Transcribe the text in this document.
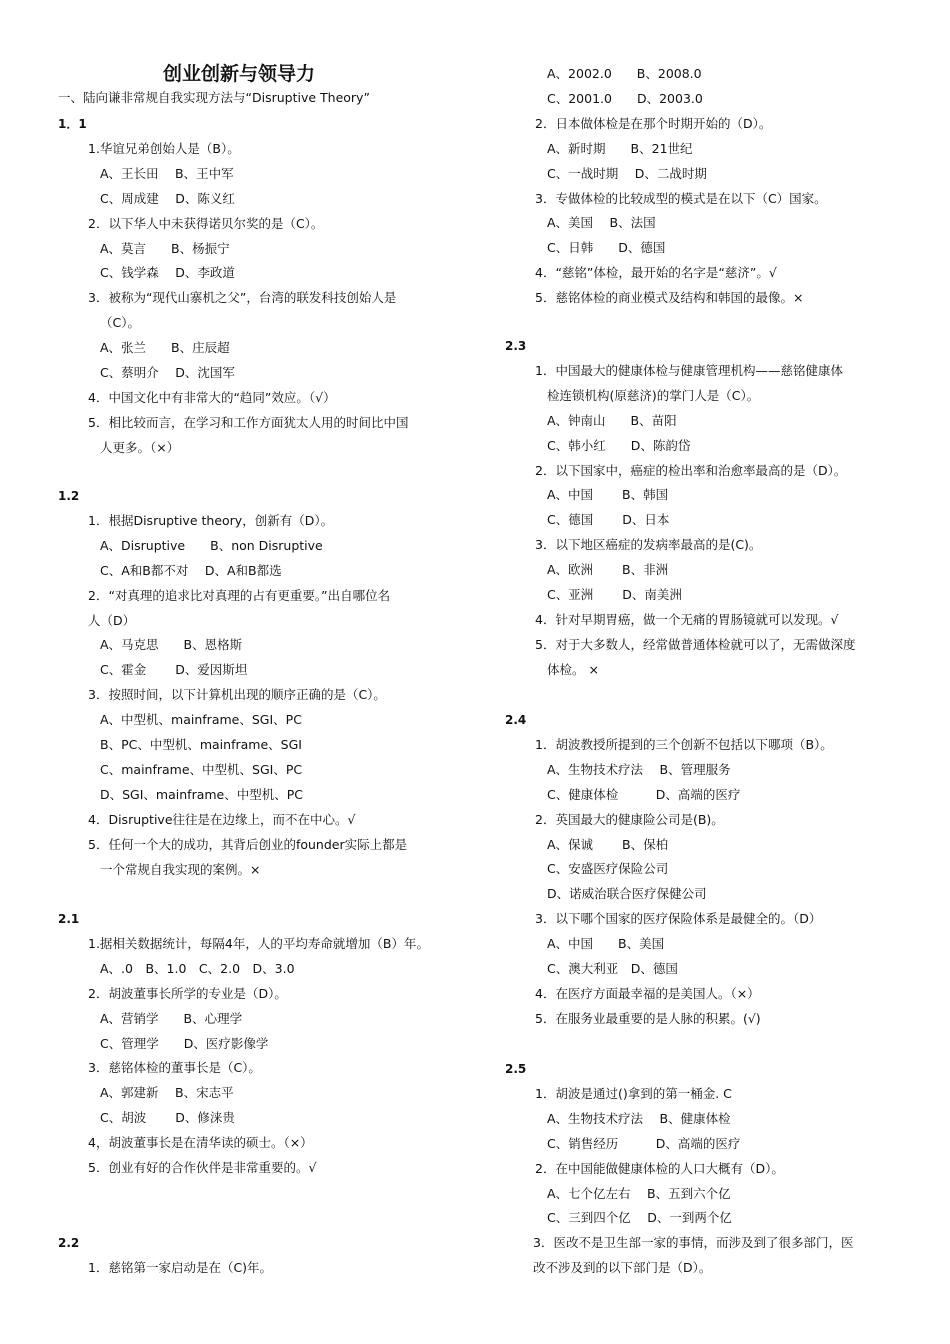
创业创新与领导力
一、陆向谦非常规自我实现方法与“Disruptive Theory”
1．1
1.华谊兄弟创始人是（B）。
A、王长田　 B、王中军
C、周成建　 D、陈义红
2．以下华人中未获得诺贝尔奖的是（C）。
A、莫言　　B、杨振宁
C、钱学森　 D、李政道
3．被称为“现代山寨机之父”，台湾的联发科技创始人是
（C）。
A、张兰　　B、庄辰超
C、蔡明介　 D、沈国军
4．中国文化中有非常大的“趋同”效应。（√）
5．相比较而言，在学习和工作方面犹太人用的时间比中国
人更多。（×）
1.2
1．根据Disruptive theory，创新有（D）。
A、Disruptive　　B、non Disruptive
C、A和B都不对　 D、A和B都选
2．“对真理的追求比对真理的占有更重要。”出自哪位名
人（D）
A、马克思　　B、恩格斯
C、霍金　　 D、爱因斯坦
3．按照时间，以下计算机出现的顺序正确的是（C）。
A、中型机、mainframe、SGI、PC
B、PC、中型机、mainframe、SGI
C、mainframe、中型机、SGI、PC
D、SGI、mainframe、中型机、PC
4．Disruptive往往是在边缘上，而不在中心。√
5．任何一个大的成功，其背后创业的founder实际上都是
一个常规自我实现的案例。×
2.1
1.据相关数据统计，每隔4年，人的平均寿命就增加（B）年。
A、.0　B、1.0　C、2.0　D、3.0
2．胡波董事长所学的专业是（D）。
A、营销学　　B、心理学
C、管理学　　D、医疗影像学
3．慈铭体检的董事长是（C）。
A、郭建新　 B、宋志平
C、胡波　　 D、修涞贵
4，胡波董事长是在清华读的硕士。（×）
5．创业有好的合作伙伴是非常重要的。√
2.2
1．慈铭第一家启动是在（C)年。
A、2002.0　　B、2008.0
C、2001.0　　D、2003.0
2．日本做体检是在那个时期开始的（D）。
A、新时期　　B、21世纪
C、一战时期　 D、二战时期
3．专做体检的比较成型的模式是在以下（C）国家。
A、美国　 B、法国
C、日韩　　D、德国
4．“慈铭”体检，最开始的名字是“慈济”。√
5．慈铭体检的商业模式及结构和韩国的最像。×
2.3
1．中国最大的健康体检与健康管理机构——慈铭健康体
检连锁机构(原慈济)的掌门人是（C）。
A、钟南山　　B、苗阳
C、韩小红　　D、陈韵岱
2．以下国家中，癌症的检出率和治愈率最高的是（D）。
A、中国　　 B、韩国
C、德国　　 D、日本
3．以下地区癌症的发病率最高的是(C)。
A、欧洲　　 B、非洲
C、亚洲　　 D、南美洲
4．针对早期胃癌，做一个无痛的胃肠镜就可以发现。√
5．对于大多数人，经常做普通体检就可以了，无需做深度
体检。 ×
2.4
1．胡波教授所提到的三个创新不包括以下哪项（B）。
A、生物技术疗法　 B、管理服务
C、健康体检　　　D、高端的医疗
2．英国最大的健康险公司是(B)。
A、保诚　　 B、保柏
C、安盛医疗保险公司
D、诺威治联合医疗保健公司
3．以下哪个国家的医疗保险体系是最健全的。（D）
A、中国　　B、美国
C、澳大利亚　D、德国
4．在医疗方面最幸福的是美国人。（×）
5．在服务业最重要的是人脉的积累。(√)
2.5
1．胡波是通过()拿到的第一桶金. C
A、生物技术疗法　 B、健康体检
C、销售经历　　　D、高端的医疗
2．在中国能做健康体检的人口大概有（D）。
A、七个亿左右　 B、五到六个亿
C、三到四个亿　 D、一到两个亿
3．医改不是卫生部一家的事情，而涉及到了很多部门，医
改不涉及到的以下部门是（D）。
